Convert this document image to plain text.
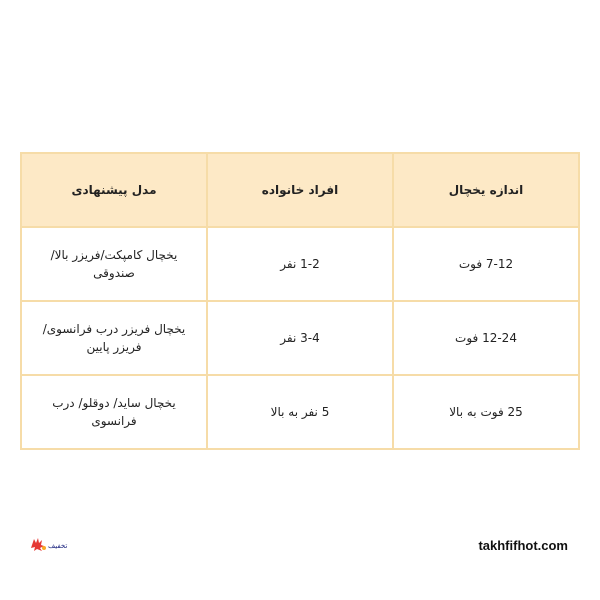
اندازه یخچال	افراد خانواده	مدل پیشنهادی
7-12 فوت	1-2 نفر	یخچال کامپکت/فریزر بالا/ صندوقی
12-24 فوت	3-4 نفر	یخچال فریزر درب فرانسوی/فریزر پایین
25 فوت به بالا	5 نفر به بالا	یخچال ساید/ دوقلو/ درب فرانسوی
تخفیف	takhfifhot.com
